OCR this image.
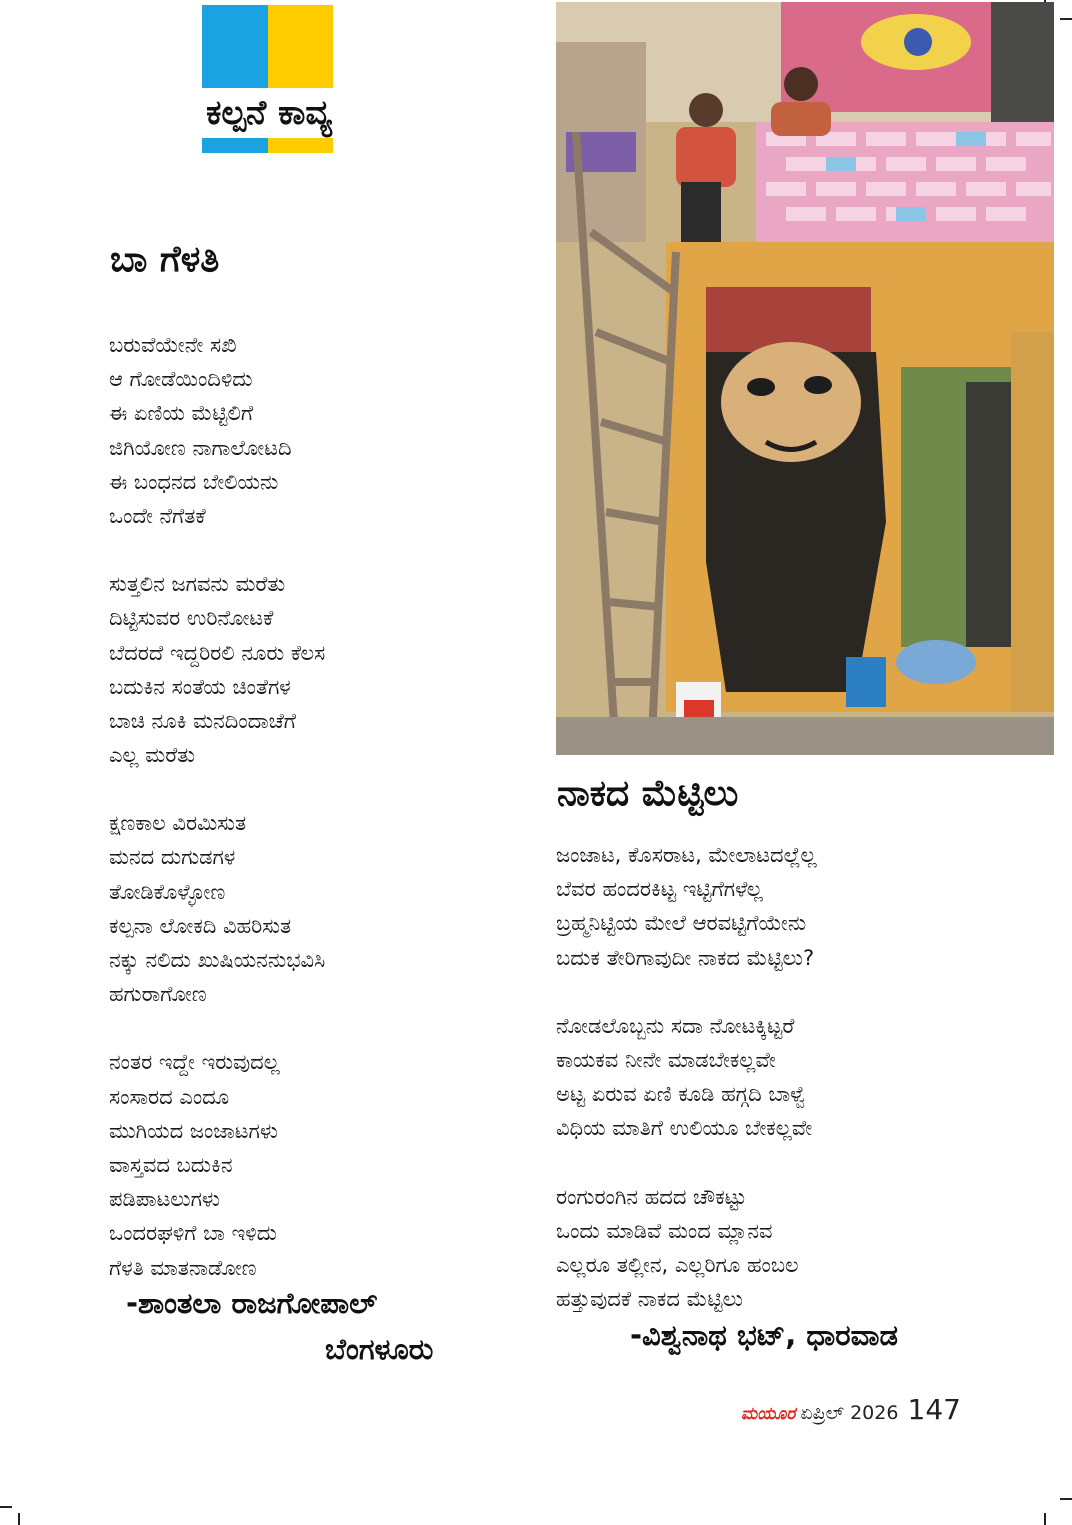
ಕಲ್ಪನೆ ಕಾವ್ಯ
ಬಾ ಗೆಳತಿ
ಬರುವೆಯೇನೇ ಸಖಿ
ಆ ಗೋಡೆಯಿಂದಿಳಿದು
ಈ ಏಣಿಯ ಮೆಟ್ಟಿಲಿಗೆ
ಜಿಗಿಯೋಣ ನಾಗಾಲೋಟದಿ
ಈ ಬಂಧನದ ಬೇಲಿಯನು
ಒಂದೇ ನೆಗೆತಕೆ
ಸುತ್ತಲಿನ ಜಗವನು ಮರೆತು
ದಿಟ್ಟಿಸುವರ ಉರಿನೋಟಕೆ
ಬೆದರದೆ ಇದ್ದರಿರಲಿ ನೂರು ಕೆಲಸ
ಬದುಕಿನ ಸಂತೆಯ ಚಿಂತೆಗಳ
ಬಾಚಿ ನೂಕಿ ಮನದಿಂದಾಚೆಗೆ
ಎಲ್ಲ ಮರೆತು
ಕ್ಷಣಕಾಲ ವಿರಮಿಸುತ
ಮನದ ದುಗುಡಗಳ
ತೋಡಿಕೊಳ್ಳೋಣ
ಕಲ್ಪನಾ ಲೋಕದಿ ವಿಹರಿಸುತ
ನಕ್ಕು ನಲಿದು ಖುಷಿಯನನುಭವಿಸಿ
ಹಗುರಾಗೋಣ
ನಂತರ ಇದ್ದೇ ಇರುವುದಲ್ಲ
ಸಂಸಾರದ ಎಂದೂ
ಮುಗಿಯದ ಜಂಜಾಟಗಳು
ವಾಸ್ತವದ ಬದುಕಿನ
ಪಡಿಪಾಟಲುಗಳು
ಒಂದರಘಳಿಗೆ ಬಾ ಇಳಿದು
ಗೆಳತಿ ಮಾತನಾಡೋಣ

-ಶಾಂತಲಾ ರಾಜಗೋಪಾಲ್

ಬೆಂಗಳೂರು

ನಾಕದ ಮೆಟ್ಟಿಲು
ಜಂಜಾಟ, ಕೊಸರಾಟ, ಮೇಲಾಟದಲ್ಲೆಲ್ಲ
ಬೆವರ ಹಂದರಕಿಟ್ಟ ಇಟ್ಟಿಗೆಗಳೆಲ್ಲ
ಬ್ರಹ್ಮನಿಟ್ಟಿಯ ಮೇಲೆ ಆರವಟ್ಟಿಗೆಯೇನು
ಬದುಕ ತೇರಿಗಾವುದೀ ನಾಕದ ಮೆಟ್ಟಿಲು?
ನೋಡಲೊಬ್ಬನು ಸದಾ ನೋಟಕ್ಕಿಟ್ಟರೆ
ಕಾಯಕವ ನೀನೇ ಮಾಡಬೇಕಲ್ಲವೇ
ಅಟ್ಟ ಏರುವ ಏಣಿ ಕೂಡಿ ಹಗ್ಗದಿ ಬಾಳ್ವೆ
ವಿಧಿಯ ಮಾತಿಗೆ ಉಲಿಯೂ ಬೇಕಲ್ಲವೇ
ರಂಗುರಂಗಿನ ಹದದ ಚೌಕಟ್ಟು
ಒಂದು ಮಾಡಿವೆ ಮಂದ ಮ್ಲಾನವ
ಎಲ್ಲರೂ ತಲ್ಲೀನ, ಎಲ್ಲರಿಗೂ ಹಂಬಲ
ಹತ್ತುವುದಕೆ ನಾಕದ ಮೆಟ್ಟಿಲು

-ವಿಶ್ವನಾಥ ಭಟ್, ಧಾರವಾಡ

ಮಯೂರ ಏಪ್ರಿಲ್ 2026 147
